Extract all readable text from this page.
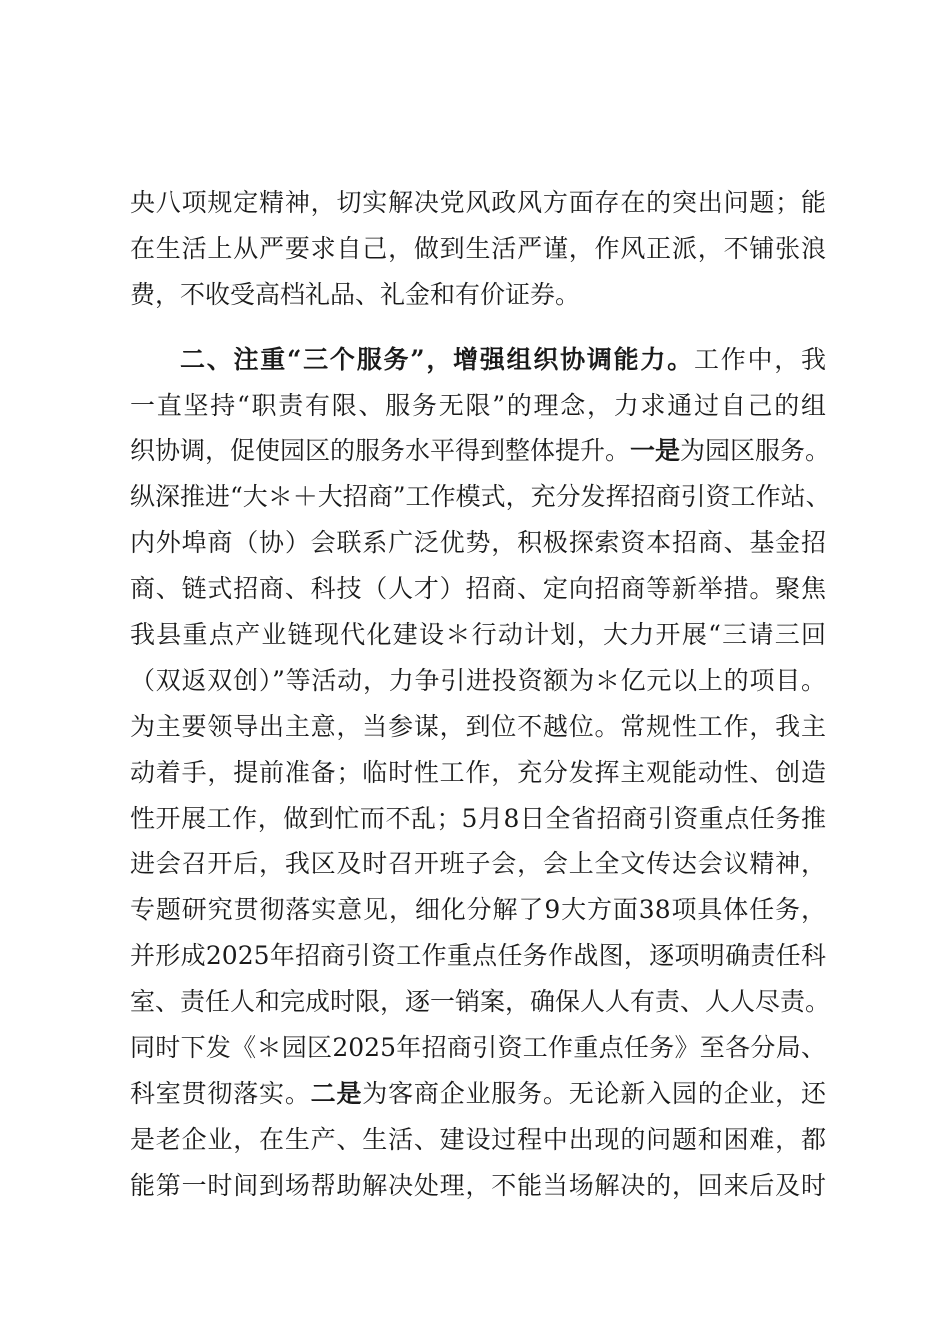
央八项规定精神，切实解决党风政风方面存在的突出问题；能
在生活上从严要求自己，做到生活严谨，作风正派，不铺张浪
费，不收受高档礼品、礼金和有价证券。
二、注重“三个服务”，增强组织协调能力。工作中，我
一直坚持“职责有限、服务无限”的理念，力求通过自己的组
织协调，促使园区的服务水平得到整体提升。一是为园区服务。
纵深推进“大＊＋大招商”工作模式，充分发挥招商引资工作站、
内外埠商（协）会联系广泛优势，积极探索资本招商、基金招
商、链式招商、科技（人才）招商、定向招商等新举措。聚焦
我县重点产业链现代化建设＊行动计划，大力开展“三请三回
（双返双创）”等活动，力争引进投资额为＊亿元以上的项目。
为主要领导出主意，当参谋，到位不越位。常规性工作，我主
动着手，提前准备；临时性工作，充分发挥主观能动性、创造
性开展工作，做到忙而不乱；5月8日全省招商引资重点任务推
进会召开后，我区及时召开班子会，会上全文传达会议精神，
专题研究贯彻落实意见，细化分解了9大方面38项具体任务，
并形成2025年招商引资工作重点任务作战图，逐项明确责任科
室、责任人和完成时限，逐一销案，确保人人有责、人人尽责。
同时下发《＊园区2025年招商引资工作重点任务》至各分局、
科室贯彻落实。二是为客商企业服务。无论新入园的企业，还
是老企业，在生产、生活、建设过程中出现的问题和困难，都
能第一时间到场帮助解决处理，不能当场解决的，回来后及时
